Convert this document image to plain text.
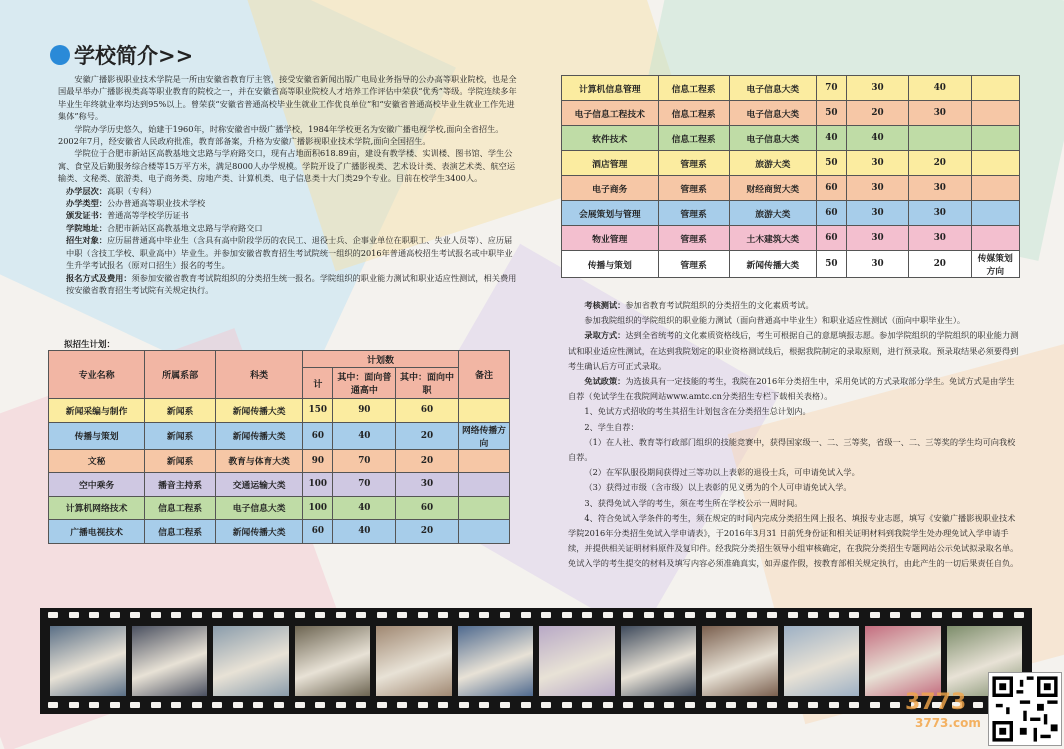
学校简介>>

安徽广播影视职业技术学院是一所由安徽省教育厅主管，接受安徽省新闻出版广电局业务指导的公办高等职业院校，也是全国最早举办广播影视类高等职业教育的院校之一，并在安徽省高等职业院校人才培养工作评估中荣获“优秀”等级。学院连续多年毕业生年终就业率均达到95%以上。曾荣获“安徽省普通高校毕业生就业工作优良单位”和“安徽省普通高校毕业生就业工作先进集体”称号。

学院办学历史悠久，始建于1960年，时称安徽省中级广播学校，1984年学校更名为安徽广播电视学校,面向全省招生。2002年7月，经安徽省人民政府批准，教育部备案，升格为安徽广播影视职业技术学院,面向全国招生。

学院位于合肥市新站区高教基地文忠路与学府路交口，现有占地面积618.89亩，建设有教学楼、实训楼、图书馆、学生公寓、食堂及后勤服务综合楼等15万平方米，满足8000人办学规模。学院开设了广播影视类、艺术设计类、表演艺术类、航空运输类、文秘类、旅游类、电子商务类、房地产类、计算机类、电子信息类十大门类29个专业。目前在校学生3400人。

办学层次：高职（专科）

办学类型：公办普通高等职业技术学校

颁发证书：普通高等学校学历证书

学院地址：合肥市新站区高教基地文忠路与学府路交口

招生对象：应历届普通高中毕业生（含具有高中阶段学历的农民工、退役士兵、企事业单位在职职工、失业人员等）、应历届中职（含技工学校、职业高中）毕业生。并参加安徽省教育招生考试院统一组织的2016年普通高校招生考试报名或中职毕业生升学考试报名（原对口招生）报名的考生。

报名方式及费用：须参加安徽省教育考试院组织的分类招生统一报名。学院组织的职业能力测试和职业适应性测试，相关费用按安徽省教育招生考试院有关规定执行。

拟招生计划：
专业名称	所属系部	科类	计划数			备注
			计	其中：面向普通高中	其中：面向中职	
新闻采编与制作	新闻系	新闻传播大类	150	90	60	
传播与策划	新闻系	新闻传播大类	60	40	20	网络传播方向
文秘	新闻系	教育与体育大类	90	70	20	
空中乘务	播音主持系	交通运输大类	100	70	30	
计算机网络技术	信息工程系	电子信息大类	100	40	60	
广播电视技术	信息工程系	新闻传播大类	60	40	20	
计算机信息管理	信息工程系	电子信息大类	70	30	40	
电子信息工程技术	信息工程系	电子信息大类	50	20	30	
软件技术	信息工程系	电子信息大类	40	40		
酒店管理	管理系	旅游大类	50	30	20	
电子商务	管理系	财经商贸大类	60	30	30	
会展策划与管理	管理系	旅游大类	60	30	30	
物业管理	管理系	土木建筑大类	60	30	30	
传播与策划	管理系	新闻传播大类	50	30	20	传媒策划方向

考核测试：参加省教育考试院组织的分类招生的文化素质考试。

参加我院组织的学院组织的职业能力测试（面向普通高中毕业生）和职业适应性测试（面向中职毕业生）。

录取方式：达到全省统考的文化素质资格线后，考生可根据自己的意愿填报志愿。参加学院组织的学院组织的职业能力测试和职业适应性测试，在达到我院划定的职业资格测试线后，根据我院制定的录取原则，进行预录取。预录取结果必须要得到考生确认后方可正式录取。

免试政策：为选拔具有一定技能的考生，我院在2016年分类招生中，采用免试的方式录取部分学生。免试方式是由学生自荐（免试学生在我院网站www.amtc.cn分类招生专栏下载相关表格）。

1、免试方式招收的考生其招生计划包含在分类招生总计划内。

2、学生自荐：

（1）在人社、教育等行政部门组织的技能竞赛中，获得国家级一、二、三等奖，省级一、二、三等奖的学生均可向我校自荐。

（2）在军队服役期间获得过三等功以上表彰的退役士兵，可申请免试入学。

（3）获得过市级（含市级）以上表彰的见义勇为的个人可申请免试入学。

3、获得免试入学的考生，须在考生所在学校公示一周时间。

4、符合免试入学条件的考生，须在规定的时间内完成分类招生网上报名、填报专业志愿，填写《安徽广播影视职业技术学院2016年分类招生免试入学申请表》，于2016年3月31 日前凭身份证和相关证明材料到我院学生处办理免试入学申请手续，并提供相关证明材料原件及复印件。经我院分类招生领导小组审核确定，在我院分类招生专题网站公示免试拟录取名单。免试入学的考生提交的材料及填写内容必须准确真实，如弄虚作假，按教育部相关规定执行，由此产生的一切后果责任自负。

3773
3773.com
